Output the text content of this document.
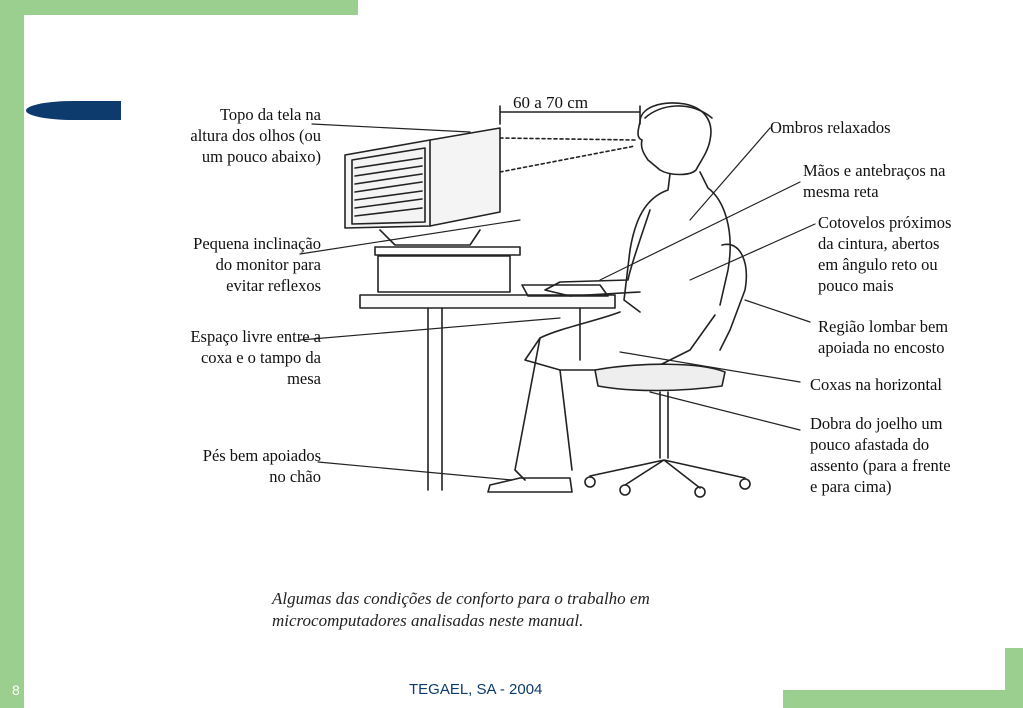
60 a 70 cm
Topo da tela na
altura dos olhos (ou
um pouco abaixo)
Pequena inclinação
do monitor para
evitar reflexos
Espaço livre entre a
coxa e o tampo da
mesa
Pés bem apoiados
no chão
Ombros relaxados
Mãos e antebraços na
mesma reta
Cotovelos próximos
da cintura, abertos
em ângulo reto ou
pouco mais
Região lombar bem
apoiada no encosto
Coxas na horizontal
Dobra do joelho um
pouco afastada do
assento (para a frente
e para cima)
Algumas das condições de conforto para o trabalho em
microcomputadores analisadas neste manual.
8	TEGAEL, SA - 2004
